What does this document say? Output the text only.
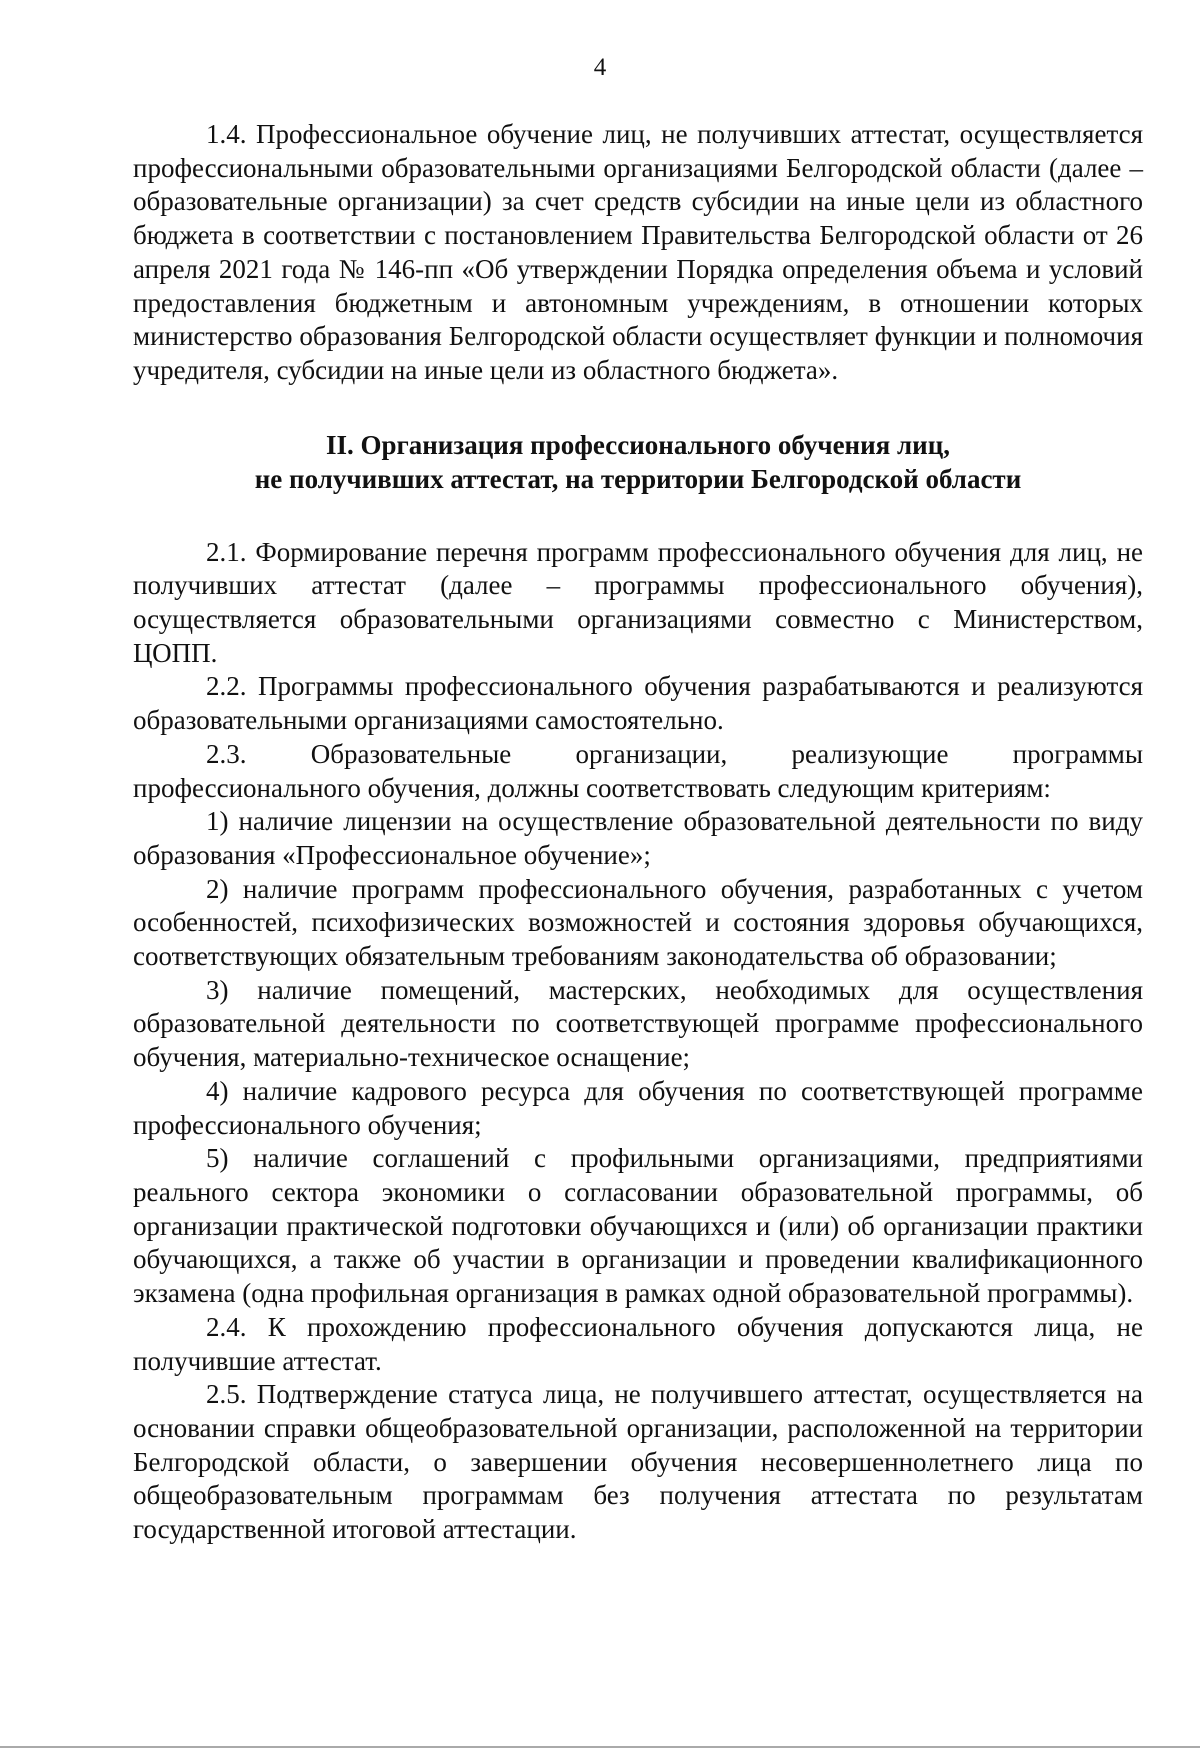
4

1.4. Профессиональное обучение лиц, не получивших аттестат, осуществляется профессиональными образовательными организациями Белгородской области (далее – образовательные организации) за счет средств субсидии на иные цели из областного бюджета в соответствии с постановлением Правительства Белгородской области от 26 апреля 2021 года № 146-пп «Об утверждении Порядка определения объема и условий предоставления бюджетным и автономным учреждениям, в отношении которых министерство образования Белгородской области осуществляет функции и полномочия учредителя, субсидии на иные цели из областного бюджета».

II. Организация профессионального обучения лиц,
не получивших аттестат, на территории Белгородской области

2.1. Формирование перечня программ профессионального обучения для лиц, не получивших аттестат (далее – программы профессионального обучения), осуществляется образовательными организациями совместно с Министерством, ЦОПП.

2.2. Программы профессионального обучения разрабатываются и реализуются образовательными организациями самостоятельно.

2.3. Образовательные организации, реализующие программы профессионального обучения, должны соответствовать следующим критериям:

1) наличие лицензии на осуществление образовательной деятельности по виду образования «Профессиональное обучение»;

2) наличие программ профессионального обучения, разработанных с учетом особенностей, психофизических возможностей и состояния здоровья обучающихся, соответствующих обязательным требованиям законодательства об образовании;

3) наличие помещений, мастерских, необходимых для осуществления образовательной деятельности по соответствующей программе профессионального обучения, материально-техническое оснащение;

4) наличие кадрового ресурса для обучения по соответствующей программе профессионального обучения;

5) наличие соглашений с профильными организациями, предприятиями реального сектора экономики о согласовании образовательной программы, об организации практической подготовки обучающихся и (или) об организации практики обучающихся, а также об участии в организации и проведении квалификационного экзамена (одна профильная организация в рамках одной образовательной программы).

2.4. К прохождению профессионального обучения допускаются лица, не получившие аттестат.

2.5. Подтверждение статуса лица, не получившего аттестат, осуществляется на основании справки общеобразовательной организации, расположенной на территории Белгородской области, о завершении обучения несовершеннолетнего лица по общеобразовательным программам без получения аттестата по результатам государственной итоговой аттестации.
